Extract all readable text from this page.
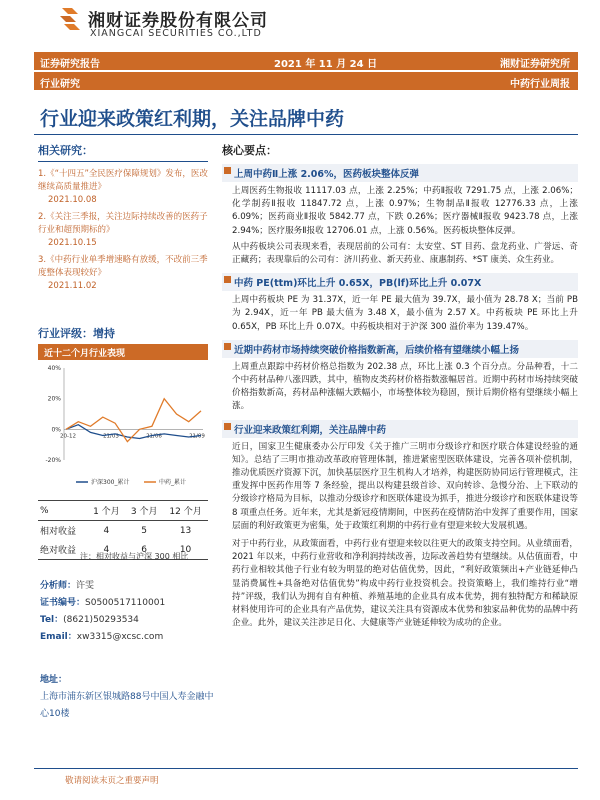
湘财证券股份有限公司
XIANGCAI SECURITIES CO.,LTD
证券研究报告	2021 年 11 月 24 日	湘财证券研究所
行业研究	中药行业周报
行业迎来政策红利期，关注品牌中药
相关研究：
1.《“十四五”全民医疗保障规划》发布，医改继续高质量推进》
2021.10.08
2.《关注三季报，关注边际持续改善的医药子行业和超预期标的》
2021.10.15
3.《中药行业单季增速略有放缓，不改前三季度整体表现较好》
2021.11.02
行业评级：增持
近十二个月行业表现
-20%
0%
20%
40%
20-12	21/03	21/06	21/09
沪深300_累计	中药_累计
%	1 个月	3 个月	12 个月
相对收益	4	5	13
绝对收益	4	6	10
注：相对收益与沪深 300 相比
分析师：许雯
证书编号：S0500517110001
Tel：(8621)50293534
Email：xw3315@xcsc.com
地址：
上海市浦东新区银城路88号中国人寿金融中心10楼
核心要点：
上周中药Ⅱ上涨 2.06%，医药板块整体反弹

上周医药生物报收 11117.03 点，上涨 2.25%；中药Ⅱ报收 7291.75 点，上涨 2.06%；化学制药Ⅱ报收 11847.72 点，上涨 0.97%；生物制品Ⅱ报收 12776.33 点，上涨 6.09%；医药商业Ⅱ报收 5842.77 点，下跌 0.26%；医疗器械Ⅱ报收 9423.78 点，上涨 2.94%；医疗服务Ⅱ报收 12706.01 点，上涨 0.56%。医药板块整体反弹。

从中药板块公司表现来看，表现居前的公司有：太安堂、ST 目药、盘龙药业、广誉远、奇正藏药；表现靠后的公司有：济川药业、新天药业、康惠制药、*ST 康美、众生药业。

中药 PE(ttm)环比上升 0.65X，PB(lf)环比上升 0.07X

上周中药板块 PE 为 31.37X，近一年 PE 最大值为 39.7X，最小值为 28.78 X；当前 PB 为 2.94X，近一年 PB 最大值为 3.48 X，最小值为 2.57 X。中药板块 PE 环比上升 0.65X，PB 环比上升 0.07X。中药板块相对于沪深 300 溢价率为 139.47%。

近期中药材市场持续突破价格指数新高，后续价格有望继续小幅上扬

上周重点跟踪中药材价格总指数为 202.38 点，环比上涨 0.3 个百分点。分品种看，十二个中药材品种八涨四跌，其中，植物皮类药材价格指数涨幅居首。近期中药材市场持续突破价格指数新高，药材品种涨幅大跌幅小，市场整体较为稳固，预计后期价格有望继续小幅上涨。

行业迎来政策红利期，关注品牌中药

近日，国家卫生健康委办公厅印发《关于推广三明市分级诊疗和医疗联合体建设经验的通知》。总结了三明市推动改革政府管理体制，推进紧密型医联体建设，完善各项补偿机制，推动优质医疗资源下沉，加快基层医疗卫生机构人才培养，构建医防协同运行管理模式，注重发挥中医药作用等 7 条经验，提出以构建县级首诊、双向转诊、急慢分治、上下联动的分级诊疗格局为目标，以推动分级诊疗和医联体建设为抓手，推进分级诊疗和医联体建设等 8 项重点任务。近年来，尤其是新冠疫情期间，中医药在疫情防治中发挥了重要作用，国家层面的利好政策更为密集，处于政策红利期的中药行业有望迎来较大发展机遇。

对于中药行业，从政策面看，中药行业有望迎来较以往更大的政策支持空间。从业绩面看，2021 年以来，中药行业营收和净利润持续改善，边际改善趋势有望继续。从估值面看，中药行业相较其他子行业有较为明显的绝对估值优势，因此，“利好政策频出+产业链延伸凸显消费属性+具备绝对估值优势”构成中药行业投资机会。投资策略上，我们维持行业“增持”评级，我们认为拥有自有种植、养殖基地的企业具有成本优势，拥有独特配方和稀缺原材料使用许可的企业具有产品优势，建议关注具有资源成本优势和独家品种优势的品牌中药企业。此外，建议关注涉足日化、大健康等产业链延伸较为成功的企业。

敬请阅读末页之重要声明
